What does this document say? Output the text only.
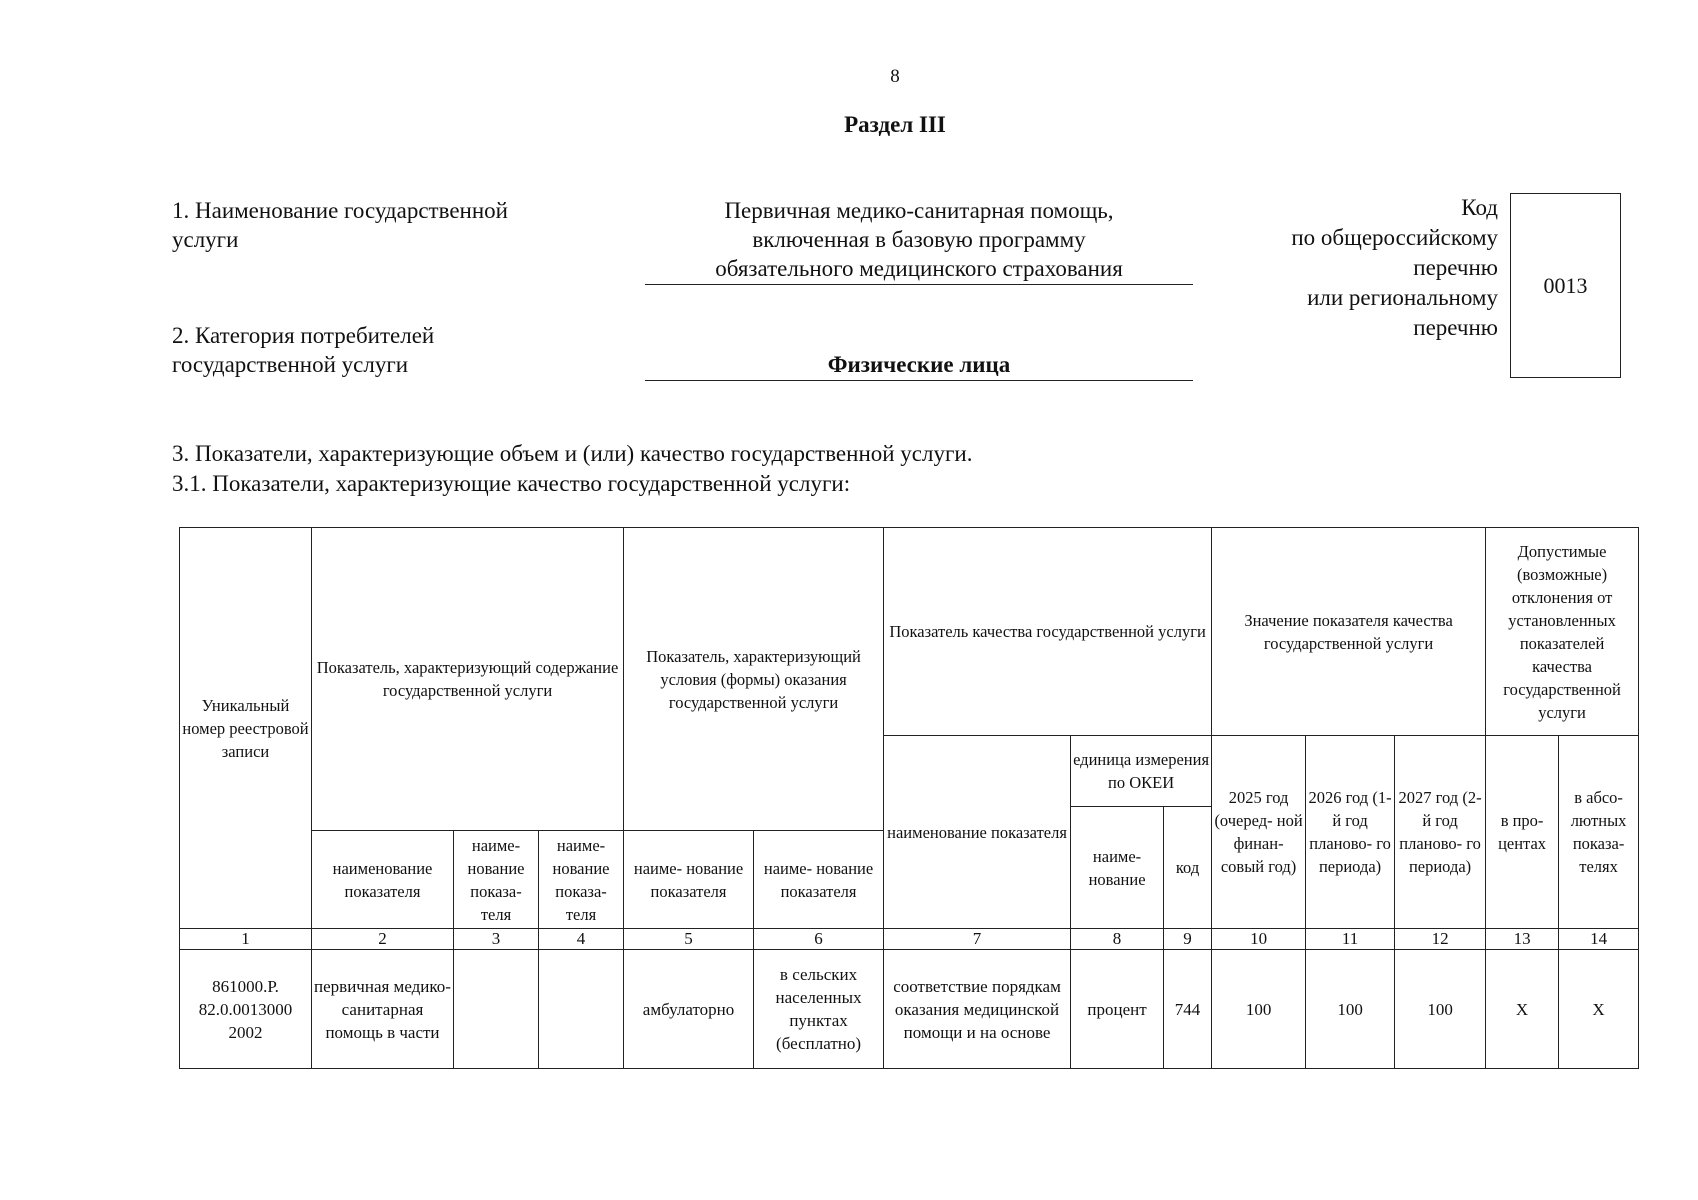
8
Раздел III
1. Наименование государственной
услуги
Первичная медико-санитарная помощь,
включенная в базовую программу
обязательного медицинского страхования
2. Категория потребителей
государственной услуги	Физические лица
Код
по общероссийскому
перечню
или региональному
перечню
0013
3. Показатели, характеризующие объем и (или) качество государственной услуги.
3.1. Показатели, характеризующие качество государственной услуги:
Уникальный номер реестровой записи	Показатель, характеризующий содержание государственной услуги			Показатель, характеризующий условия (формы) оказания государственной услуги		Показатель качества государственной услуги			Значение показателя качества государственной услуги			Допустимые (возможные) отклонения от установленных показателей качества государственной услуги	
						наименование показателя	единица измерения по ОКЕИ		2025 год (очеред- ной финан- совый год)	2026 год (1-й год планово- го периода)	2027 год (2-й год планово- го периода)	в про- центах	в абсо- лютных показа- телях
							наиме- нование	код					
	наименование показателя	наиме- нование показа- теля	наиме- нование показа- теля	наиме- нование показателя	наиме- нование показателя								
1	2	3	4	5	6	7	8	9	10	11	12	13	14
861000.Р. 82.0.0013000 2002	первичная медико- санитарная помощь в части			амбулаторно	в сельских населенных пунктах (бесплатно)	соответствие порядкам оказания медицинской помощи и на основе	процент	744	100	100	100	X	X
